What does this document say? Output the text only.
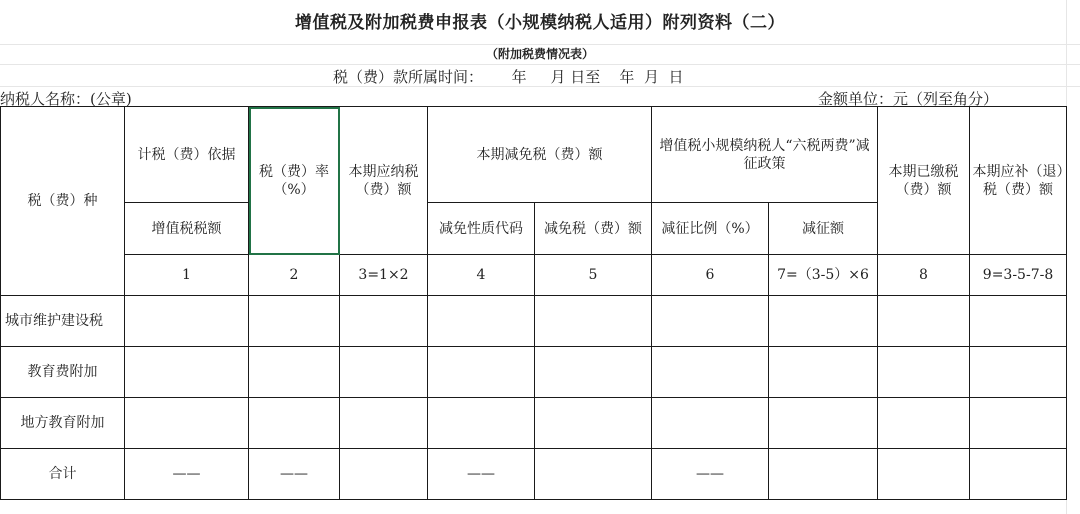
增值税及附加税费申报表（小规模纳税人适用）附列资料（二）
（附加税费情况表）
税（费）款所属时间： 年 月 日至 年 月 日
纳税人名称：(公章)	金额单位：元（列至角分）
税（费）种	计税（费）依据	税（费）率（%）	本期应纳税（费）额	本期减免税（费）额		增值税小规模纳税人“六税两费”减征政策		本期已缴税（费）额	本期应补（退）税（费）额
	增值税税额			减免性质代码	减免税（费）额	减征比例（%）	减征额		
	1	2	3=1×2	4	5	6	7=（3-5）×6	8	9=3-5-7-8
城市维护建设税									
教育费附加									
地方教育附加									
合计	——	——		——		——			
